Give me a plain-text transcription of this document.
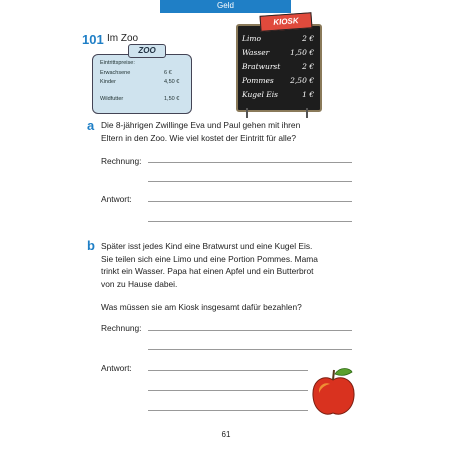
Geld
101 Im Zoo
ZOO
Eintrittspreise:
Erwachsene	6 €
Kinder	4,50 €
Wildfutter	1,50 €
KIOSK
Limo	2 €
Wasser	1,50 €
Bratwurst	2 €
Pommes 2,50 €
Kugel Eis	1 €
a Die 8-jährigen Zwillinge Eva und Paul gehen mit ihren
Eltern in den Zoo. Wie viel kostet der Eintritt für alle?
Rechnung:
Antwort:
b Später isst jedes Kind eine Bratwurst und eine Kugel Eis.
Sie teilen sich eine Limo und eine Portion Pommes. Mama
trinkt ein Wasser. Papa hat einen Apfel und ein Butterbrot
von zu Hause dabei.
Was müssen sie am Kiosk insgesamt dafür bezahlen?
Rechnung:
Antwort:
61
